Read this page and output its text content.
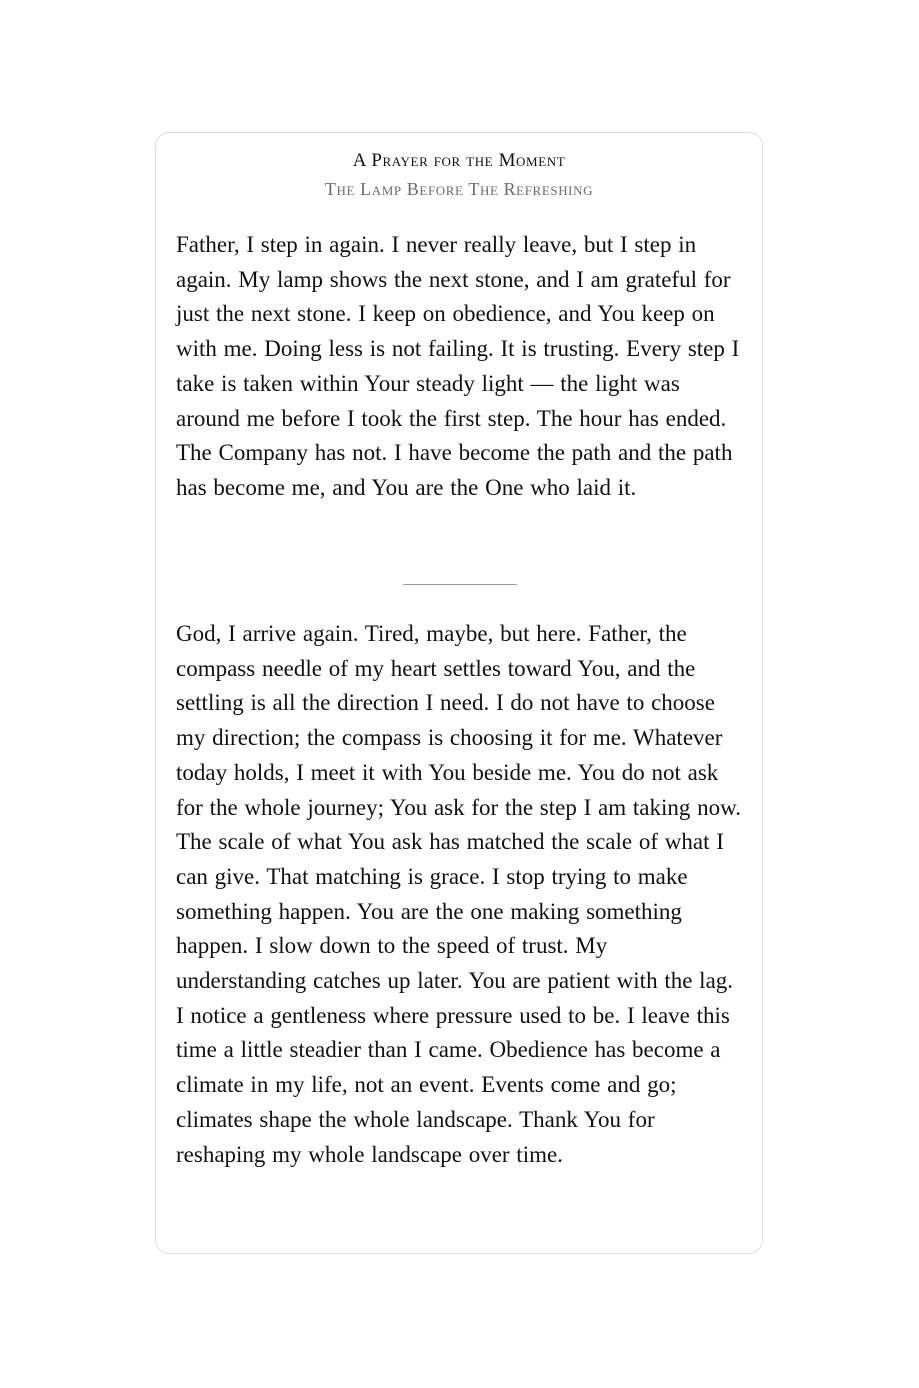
A Prayer for the Moment
The Lamp Before The Refreshing

Father, I step in again. I never really leave, but I step in again. My lamp shows the next stone, and I am grateful for just the next stone. I keep on obedience, and You keep on with me. Doing less is not failing. It is trusting. Every step I take is taken within Your steady light — the light was around me before I took the first step. The hour has ended. The Company has not. I have become the path and the path has become me, and You are the One who laid it.

God, I arrive again. Tired, maybe, but here. Father, the compass needle of my heart settles toward You, and the settling is all the direction I need. I do not have to choose my direction; the compass is choosing it for me. Whatever today holds, I meet it with You beside me. You do not ask for the whole journey; You ask for the step I am taking now. The scale of what You ask has matched the scale of what I can give. That matching is grace. I stop trying to make something happen. You are the one making something happen. I slow down to the speed of trust. My understanding catches up later. You are patient with the lag. I notice a gentleness where pressure used to be. I leave this time a little steadier than I came. Obedience has become a climate in my life, not an event. Events come and go; climates shape the whole landscape. Thank You for reshaping my whole landscape over time.
